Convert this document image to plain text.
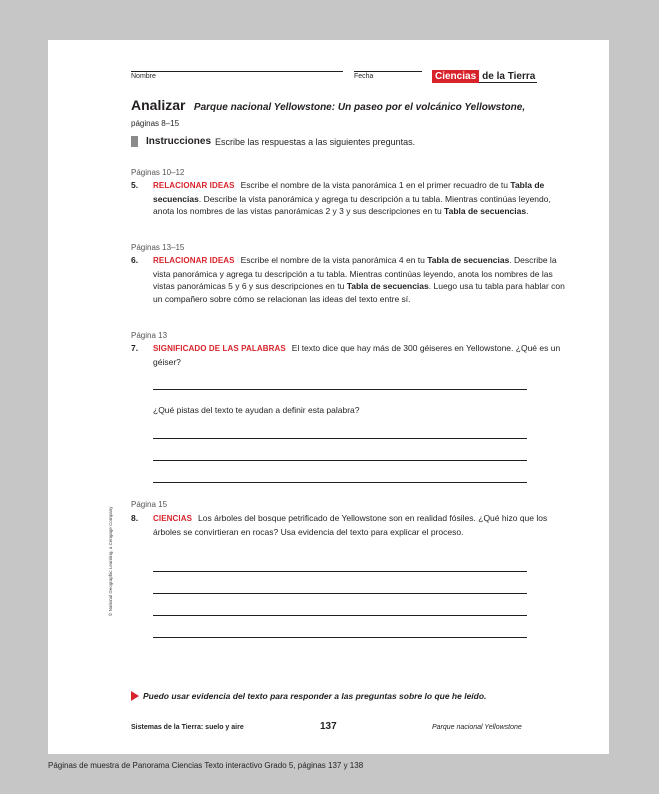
Nombre	Fecha	Ciencias de la Tierra
Analizar Parque nacional Yellowstone: Un paseo por el volcánico Yellowstone,
páginas 8–15
Instrucciones Escribe las respuestas a las siguientes preguntas.
Páginas 10–12
5. RELACIONAR IDEAS Escribe el nombre de la vista panorámica 1 en el primer recuadro de tu Tabla de secuencias. Describe la vista panorámica y agrega tu descripción a tu tabla. Mientras continúas leyendo, anota los nombres de las vistas panorámicas 2 y 3 y sus descripciones en tu Tabla de secuencias.
Páginas 13–15
6. RELACIONAR IDEAS Escribe el nombre de la vista panorámica 4 en tu Tabla de secuencias. Describe la vista panorámica y agrega tu descripción a tu tabla. Mientras continúas leyendo, anota los nombres de las vistas panorámicas 5 y 6 y sus descripciones en tu Tabla de secuencias. Luego usa tu tabla para hablar con un compañero sobre cómo se relacionan las ideas del texto entre sí.
Página 13
7. SIGNIFICADO DE LAS PALABRAS El texto dice que hay más de 300 géiseres en Yellowstone. ¿Qué es un géiser?
¿Qué pistas del texto te ayudan a definir esta palabra?
Página 15
8. CIENCIAS Los árboles del bosque petrificado de Yellowstone son en realidad fósiles. ¿Qué hizo que los árboles se convirtieran en rocas? Usa evidencia del texto para explicar el proceso.
© National Geographic Learning, a Cengage Company
Puedo usar evidencia del texto para responder a las preguntas sobre lo que he leído.
Sistemas de la Tierra: suelo y aire	137	Parque nacional Yellowstone
Páginas de muestra de Panorama Ciencias Texto interactivo Grado 5, páginas 137 y 138
